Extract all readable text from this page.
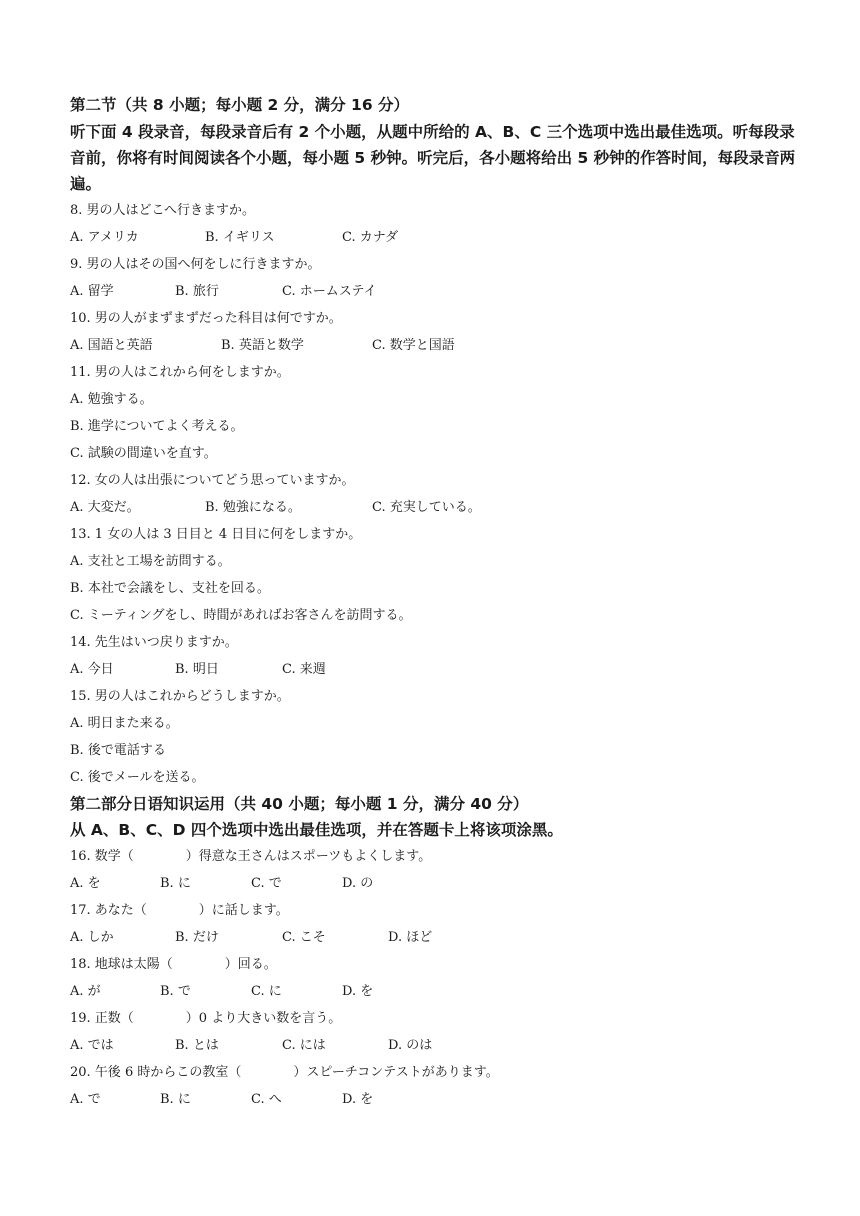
第二节（共 8 小题；每小题 2 分，满分 16 分）

听下面 4 段录音，每段录音后有 2 个小题，从题中所给的 A、B、C 三个选项中选出最佳选项。听每段录音前，你将有时间阅读各个小题，每小题 5 秒钟。听完后，各小题将给出 5 秒钟的作答时间，每段录音两遍。

8. 男の人はどこへ行きますか。

A. アメリカ	B. イギリス	C. カナダ

9. 男の人はその国へ何をしに行きますか。

A. 留学	B. 旅行	C. ホームステイ

10. 男の人がまずまずだった科目は何ですか。

A. 国語と英語	B. 英語と数学	C. 数学と国語

11. 男の人はこれから何をしますか。

A. 勉強する。

B. 進学についてよく考える。

C. 試験の間違いを直す。

12. 女の人は出張についてどう思っていますか。

A. 大変だ。	B. 勉強になる。	C. 充実している。

13. 1 女の人は 3 日目と 4 日目に何をしますか。

A. 支社と工場を訪問する。

B. 本社で会議をし、支社を回る。

C. ミーティングをし、時間があればお客さんを訪問する。

14. 先生はいつ戻りますか。

A. 今日	B. 明日	C. 来週

15. 男の人はこれからどうしますか。

A. 明日また来る。

B. 後で電話する

C. 後でメールを送る。

第二部分日语知识运用（共 40 小题；每小题 1 分，满分 40 分）

从 A、B、C、D 四个选项中选出最佳选项，并在答题卡上将该项涂黑。

16. 数学（　　　　）得意な王さんはスポーツもよくします。

A. を	B. に	C. で	D. の

17. あなた（　　　　）に話します。

A. しか	B. だけ	C. こそ	D. ほど

18. 地球は太陽（　　　　）回る。

A. が	B. で	C. に	D. を

19. 正数（　　　　）0 より大きい数を言う。

A. では	B. とは	C. には	D. のは

20. 午後 6 時からこの教室（　　　　）スピーチコンテストがあります。

A. で	B. に	C. へ	D. を
